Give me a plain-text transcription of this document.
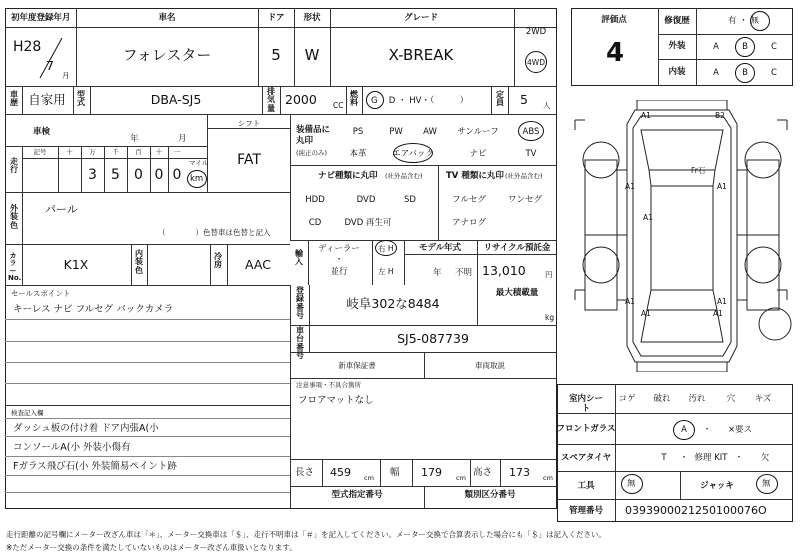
初年度登録年月	車名	ドア 形状	グレード
H28
7
月
フォレスター	5 W	X-BREAK
2WD
4WD
車歴 自家用 型式	DBA-SJ5
排気量
2000 CC
燃料 G　 D ・ HV・（　　　）
定員 5 人
車検
年	月
走行
記号	十	万	千	百 十 一
3 5 0 0 0
マイル
km
シフト
FAT
装備品に
丸印
(純正のみ)
PS	PW AW サンルーフ	ABS
本革	エアバック	ナビ	TV
ナビ種類に丸印 (社外品含む)	TV 種類に丸印 (社外品含む)
HDD	DVD	SD
CD	DVD 再生可
フルセグ	ワンセグ
アナログ
外装色
パール
（　　　　）色替車は色替と記入
カラーNo.
K1X
内装色
冷房 AAC
輸入
ディーラー
・
並行
右 H
左 H
モデル年式
年 不明
リサイクル預託金
13,010	円
セールスポイント
キーレス ナビ フルセグ バックカメラ
登録番号
岐阜302な8484
最大積載量
kg
車台番号
SJ5-087739
新車保証書	車両取説
注意事項・不具合箇所
フロアマットなし
検査記入欄
ダッシュ板の付け着 ドア内張A(小
コンソールA(小 外装小傷有
Fガラス飛び石(小 外装簡易ペイント跡
長さ 459 cm 幅 179 cm 高さ 173 cm
型式指定番号	類別区分番号
評価点
4
修復歴	有 ・ 無
外装
内装
A	B	C
A	B	C
A1
A1
B2
A1	A1
A1	A1
A1	A1
Fr石
室内シート
コゲ 破れ 汚れ 穴 キズ
フロントガラス	A ・ ×要ス
スペアタイヤ	T ・ 修理 KIT ・ 欠
工具	無	ジャッキ	無
管理番号 0393900021250100076O
走行距離の記号欄にメーター改ざん車は「＊」、メーター交換車は「＄」、走行不明車は「＃」を記入してください。メーター交換で合算表示した場合にも「＄」は記入ください。
※ただメーター交換の条件を満たしていないものはメーター改ざん車扱いとなります。
